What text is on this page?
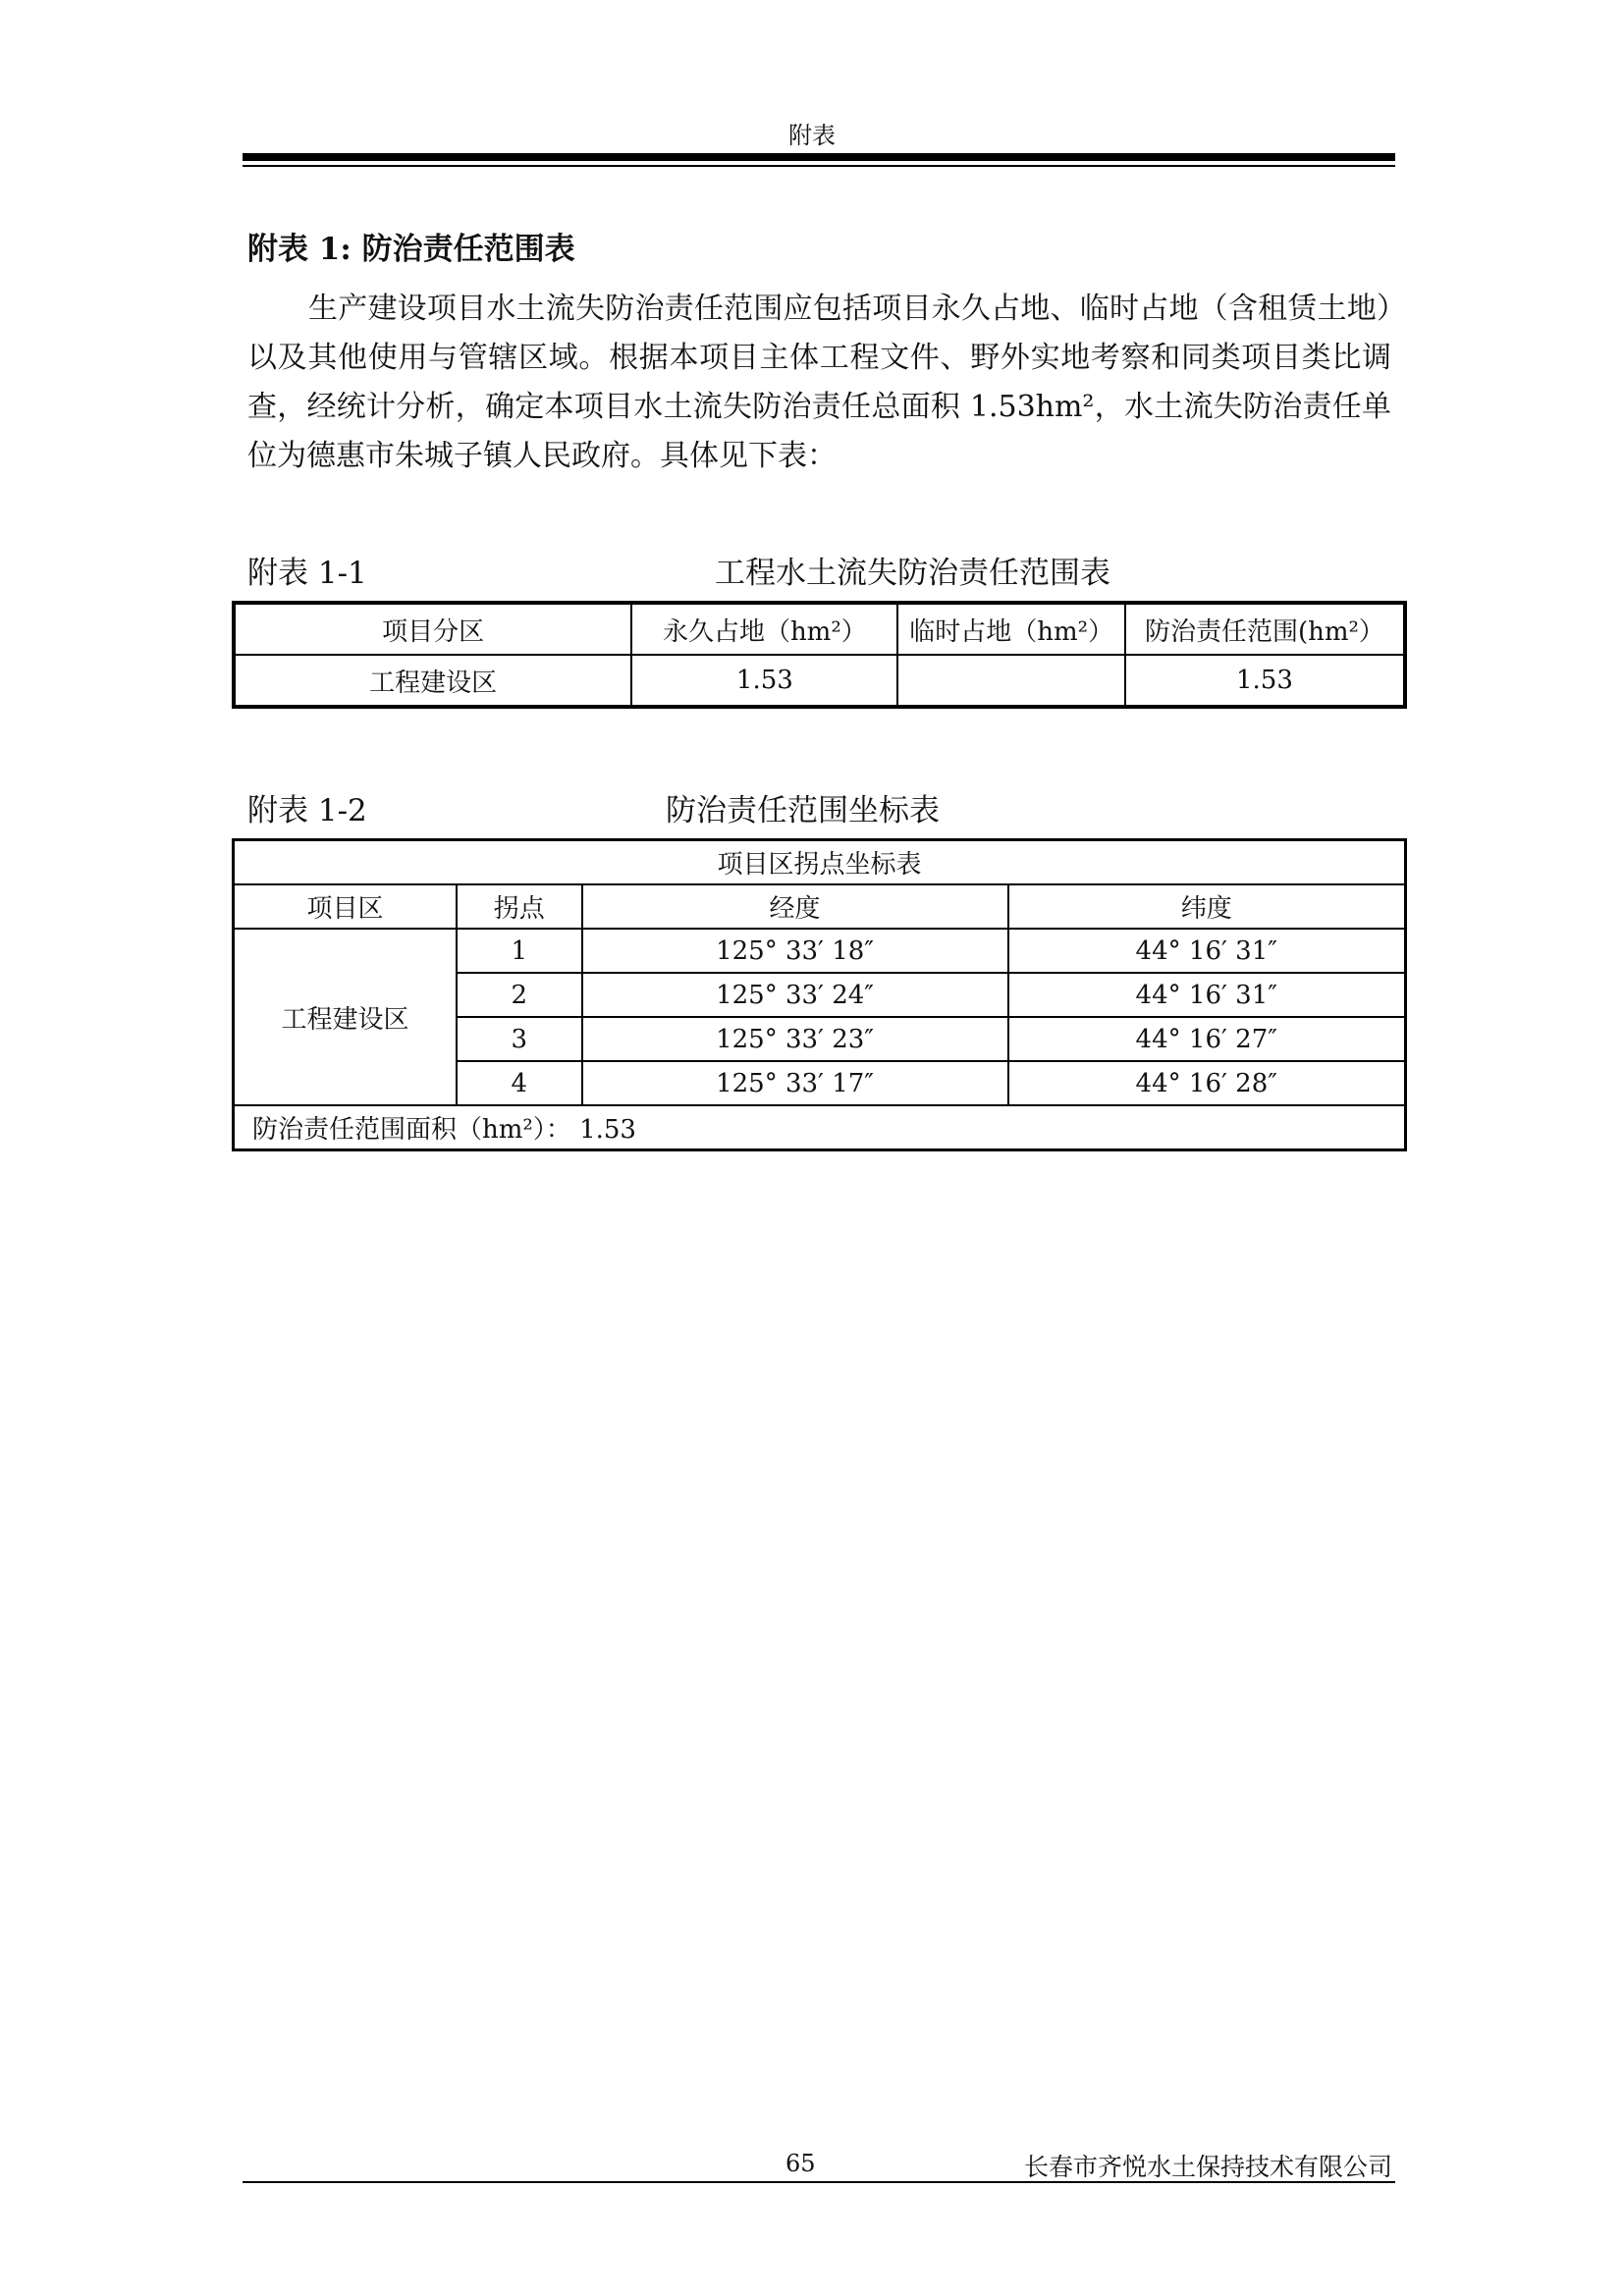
附表
附表 1: 防治责任范围表
生产建设项目水土流失防治责任范围应包括项目永久占地、临时占地（含租赁土地）以及其他使用与管辖区域。根据本项目主体工程文件、野外实地考察和同类项目类比调查，经统计分析，确定本项目水土流失防治责任总面积 1.53hm²，水土流失防治责任单位为德惠市朱城子镇人民政府。具体见下表：
附表 1-1	工程水土流失防治责任范围表
项目分区	永久占地（hm²）	临时占地（hm²）	防治责任范围(hm²）
工程建设区	1.53		1.53
附表 1-2	防治责任范围坐标表
项目区拐点坐标表			
项目区	拐点	经度	纬度
工程建设区	1	125° 33′ 18″	44° 16′ 31″
	2	125° 33′ 24″	44° 16′ 31″
	3	125° 33′ 23″	44° 16′ 27″
	4	125° 33′ 17″	44° 16′ 28″
防治责任范围面积（hm²）： 1.53			
65	长春市齐悦水土保持技术有限公司
